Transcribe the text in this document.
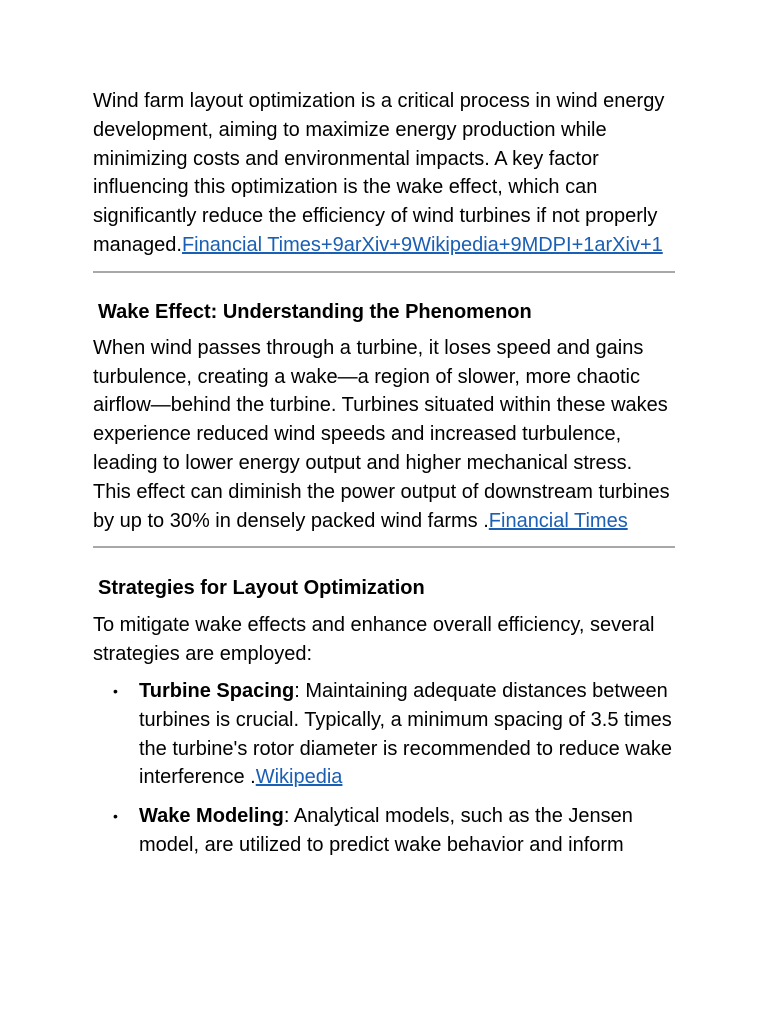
Wind farm layout optimization is a critical process in wind energy development, aiming to maximize energy production while minimizing costs and environmental impacts. A key factor influencing this optimization is the wake effect, which can significantly reduce the efficiency of wind turbines if not properly managed.Financial Times+9arXiv+9Wikipedia+9MDPI+1arXiv+1

Wake Effect: Understanding the Phenomenon

When wind passes through a turbine, it loses speed and gains turbulence, creating a wake—a region of slower, more chaotic airflow—behind the turbine. Turbines situated within these wakes experience reduced wind speeds and increased turbulence, leading to lower energy output and higher mechanical stress. This effect can diminish the power output of downstream turbines by up to 30% in densely packed wind farms .Financial Times

Strategies for Layout Optimization

To mitigate wake effects and enhance overall efficiency, several strategies are employed:

• Turbine Spacing: Maintaining adequate distances between turbines is crucial. Typically, a minimum spacing of 3.5 times the turbine's rotor diameter is recommended to reduce wake interference .Wikipedia
• Wake Modeling: Analytical models, such as the Jensen model, are utilized to predict wake behavior and inform
